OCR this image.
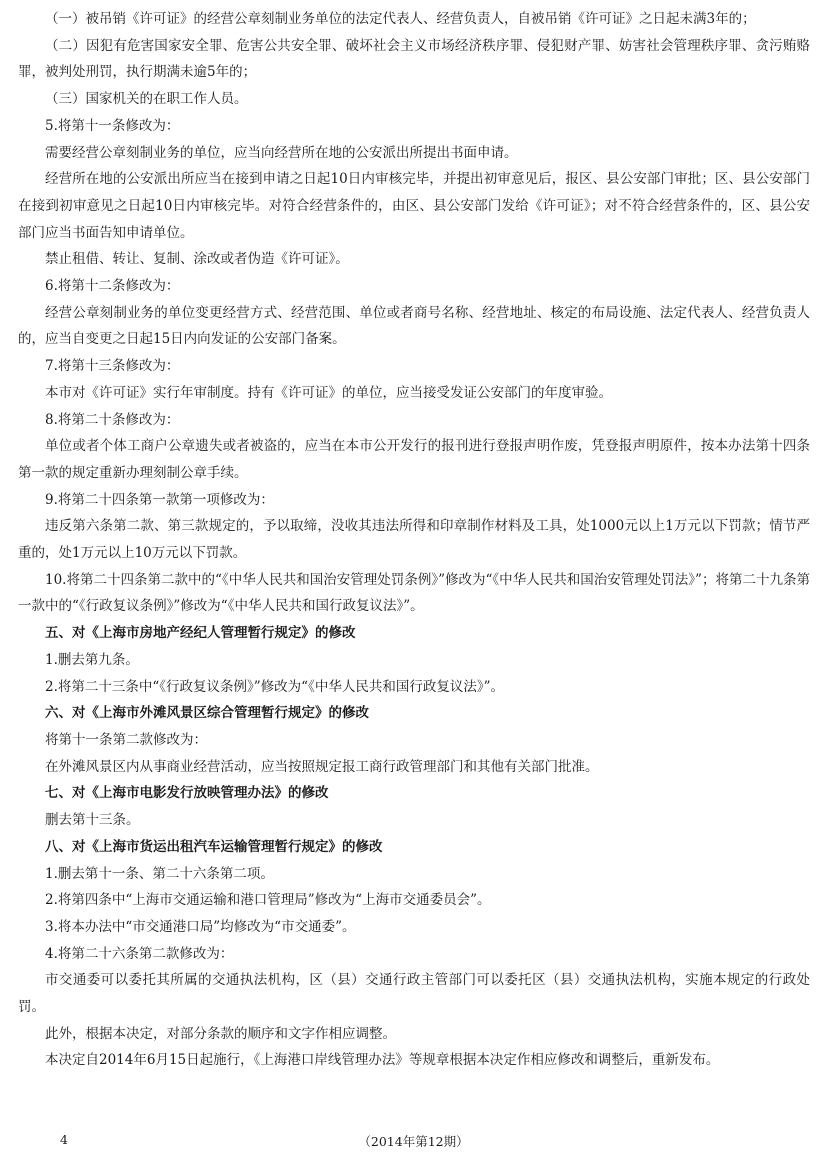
（一）被吊销《许可证》的经营公章刻制业务单位的法定代表人、经营负责人，自被吊销《许可证》之日起未满3年的；

（二）因犯有危害国家安全罪、危害公共安全罪、破坏社会主义市场经济秩序罪、侵犯财产罪、妨害社会管理秩序罪、贪污贿赂罪，被判处刑罚，执行期满未逾5年的；

（三）国家机关的在职工作人员。

5.将第十一条修改为：

需要经营公章刻制业务的单位，应当向经营所在地的公安派出所提出书面申请。

经营所在地的公安派出所应当在接到申请之日起10日内审核完毕，并提出初审意见后，报区、县公安部门审批；区、县公安部门在接到初审意见之日起10日内审核完毕。对符合经营条件的，由区、县公安部门发给《许可证》；对不符合经营条件的，区、县公安部门应当书面告知申请单位。

禁止租借、转让、复制、涂改或者伪造《许可证》。

6.将第十二条修改为：

经营公章刻制业务的单位变更经营方式、经营范围、单位或者商号名称、经营地址、核定的布局设施、法定代表人、经营负责人的，应当自变更之日起15日内向发证的公安部门备案。

7.将第十三条修改为：

本市对《许可证》实行年审制度。持有《许可证》的单位，应当接受发证公安部门的年度审验。

8.将第二十条修改为：

单位或者个体工商户公章遗失或者被盗的，应当在本市公开发行的报刊进行登报声明作废，凭登报声明原件，按本办法第十四条第一款的规定重新办理刻制公章手续。

9.将第二十四条第一款第一项修改为：

违反第六条第二款、第三款规定的，予以取缔，没收其违法所得和印章制作材料及工具，处1000元以上1万元以下罚款；情节严重的，处1万元以上10万元以下罚款。

10.将第二十四条第二款中的“《中华人民共和国治安管理处罚条例》”修改为“《中华人民共和国治安管理处罚法》”；将第二十九条第一款中的“《行政复议条例》”修改为“《中华人民共和国行政复议法》”。

五、对《上海市房地产经纪人管理暂行规定》的修改

1.删去第九条。

2.将第二十三条中“《行政复议条例》”修改为“《中华人民共和国行政复议法》”。

六、对《上海市外滩风景区综合管理暂行规定》的修改

将第十一条第二款修改为：

在外滩风景区内从事商业经营活动，应当按照规定报工商行政管理部门和其他有关部门批准。

七、对《上海市电影发行放映管理办法》的修改

删去第十三条。

八、对《上海市货运出租汽车运输管理暂行规定》的修改

1.删去第十一条、第二十六条第二项。

2.将第四条中“上海市交通运输和港口管理局”修改为“上海市交通委员会”。

3.将本办法中“市交通港口局”均修改为“市交通委”。

4.将第二十六条第二款修改为：

市交通委可以委托其所属的交通执法机构，区（县）交通行政主管部门可以委托区（县）交通执法机构，实施本规定的行政处罚。

此外，根据本决定，对部分条款的顺序和文字作相应调整。

本决定自2014年6月15日起施行，《上海港口岸线管理办法》等规章根据本决定作相应修改和调整后，重新发布。

4	（2014年第12期）
